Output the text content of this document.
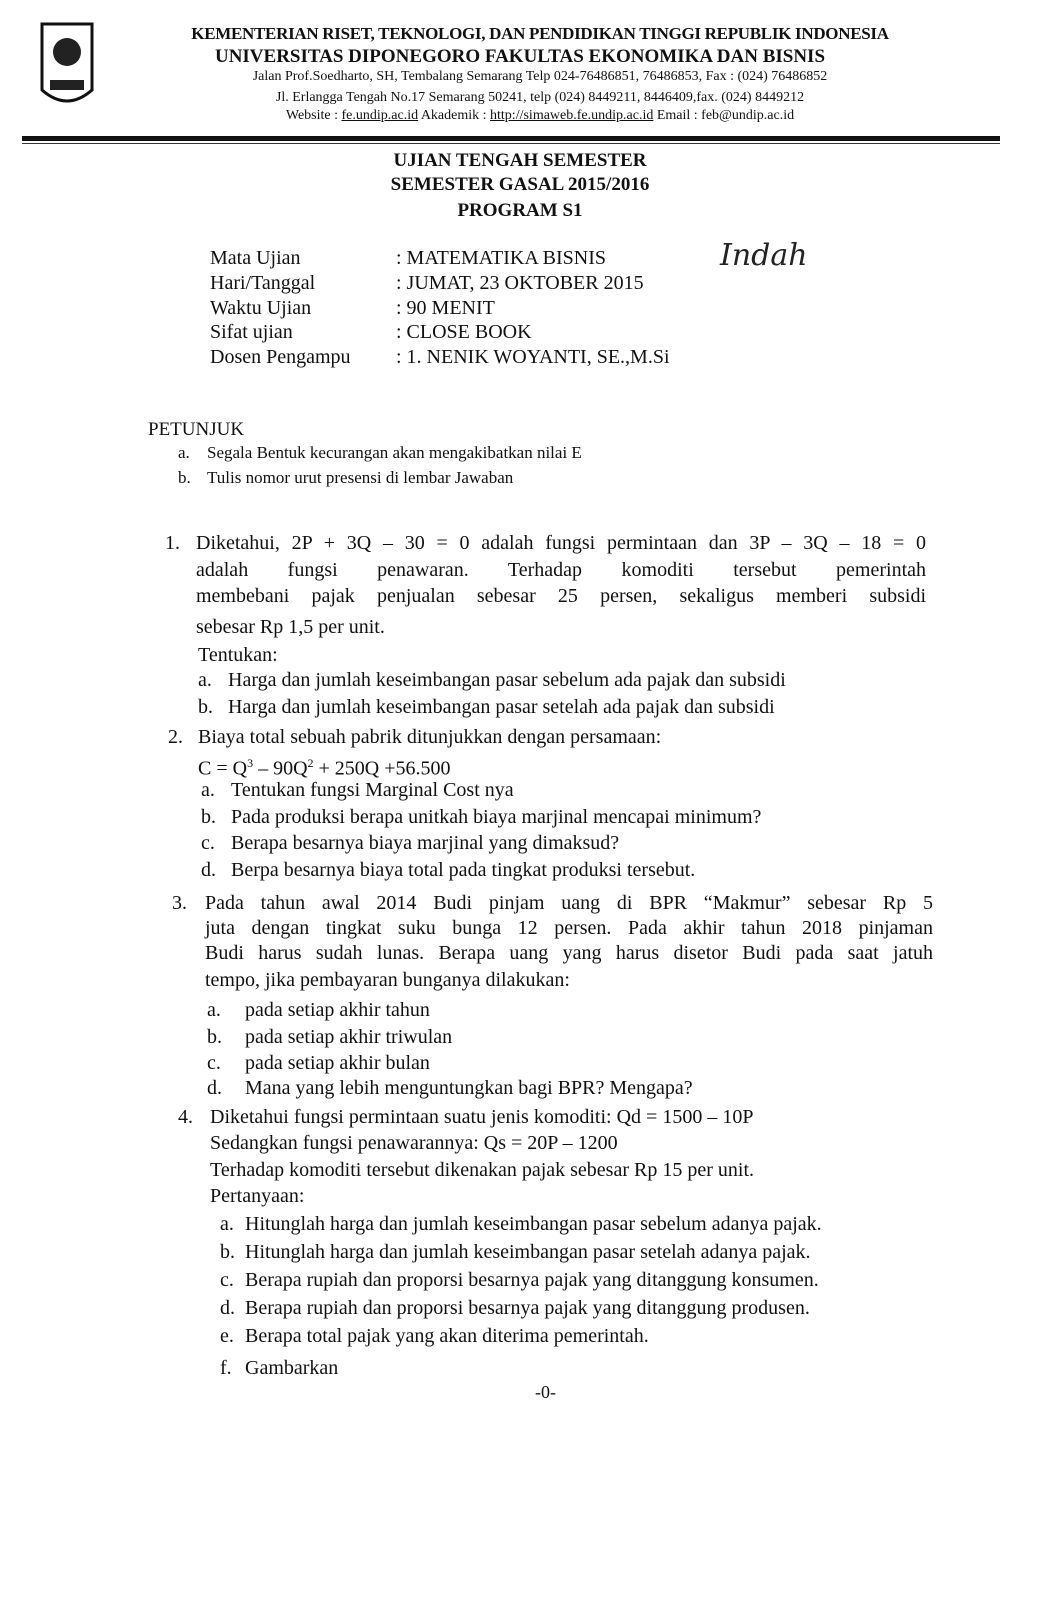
KEMENTERIAN RISET, TEKNOLOGI, DAN PENDIDIKAN TINGGI REPUBLIK INDONESIA
UNIVERSITAS DIPONEGORO FAKULTAS EKONOMIKA DAN BISNIS
Jalan Prof.Soedharto, SH, Tembalang Semarang Telp 024-76486851, 76486853, Fax : (024) 76486852
Jl. Erlangga Tengah No.17 Semarang 50241, telp (024) 8449211, 8446409,fax. (024) 8449212
Website : fe.undip.ac.id Akademik : http://simaweb.fe.undip.ac.id Email : feb@undip.ac.id
UJIAN TENGAH SEMESTER
SEMESTER GASAL 2015/2016
PROGRAM S1
Mata Ujian	: MATEMATIKA BISNIS
Hari/Tanggal	: JUMAT, 23 OKTOBER 2015
Waktu Ujian	: 90 MENIT
Sifat ujian	: CLOSE BOOK
Dosen Pengampu : 1. NENIK WOYANTI, SE.,M.Si
Indah
PETUNJUK
a. Segala Bentuk kecurangan akan mengakibatkan nilai E
b. Tulis nomor urut presensi di lembar Jawaban
1. Diketahui, 2P + 3Q – 30 = 0 adalah fungsi permintaan dan 3P – 3Q – 18 = 0
adalah fungsi penawaran. Terhadap komoditi tersebut pemerintah
membebani pajak penjualan sebesar 25 persen, sekaligus memberi subsidi
sebesar Rp 1,5 per unit.
Tentukan:
a. Harga dan jumlah keseimbangan pasar sebelum ada pajak dan subsidi
b. Harga dan jumlah keseimbangan pasar setelah ada pajak dan subsidi
2. Biaya total sebuah pabrik ditunjukkan dengan persamaan:
$C = Q^3 - 90Q^2 + 250Q +56.500$
a. Tentukan fungsi Marginal Cost nya
b. Pada produksi berapa unitkah biaya marjinal mencapai minimum?
c. Berapa besarnya biaya marjinal yang dimaksud?
d. Berpa besarnya biaya total pada tingkat produksi tersebut.
3. Pada tahun awal 2014 Budi pinjam uang di BPR “Makmur” sebesar Rp 5
juta dengan tingkat suku bunga 12 persen. Pada akhir tahun 2018 pinjaman
Budi harus sudah lunas. Berapa uang yang harus disetor Budi pada saat jatuh
tempo, jika pembayaran bunganya dilakukan:
a. pada setiap akhir tahun
b. pada setiap akhir triwulan
c. pada setiap akhir bulan
d. Mana yang lebih menguntungkan bagi BPR? Mengapa?
4. Diketahui fungsi permintaan suatu jenis komoditi: Qd = 1500 – 10P
Sedangkan fungsi penawarannya: Qs = 20P – 1200
Terhadap komoditi tersebut dikenakan pajak sebesar Rp 15 per unit.
Pertanyaan:
a. Hitunglah harga dan jumlah keseimbangan pasar sebelum adanya pajak.
b. Hitunglah harga dan jumlah keseimbangan pasar setelah adanya pajak.
c. Berapa rupiah dan proporsi besarnya pajak yang ditanggung konsumen.
d. Berapa rupiah dan proporsi besarnya pajak yang ditanggung produsen.
e. Berapa total pajak yang akan diterima pemerintah.
f. Gambarkan
-0-
